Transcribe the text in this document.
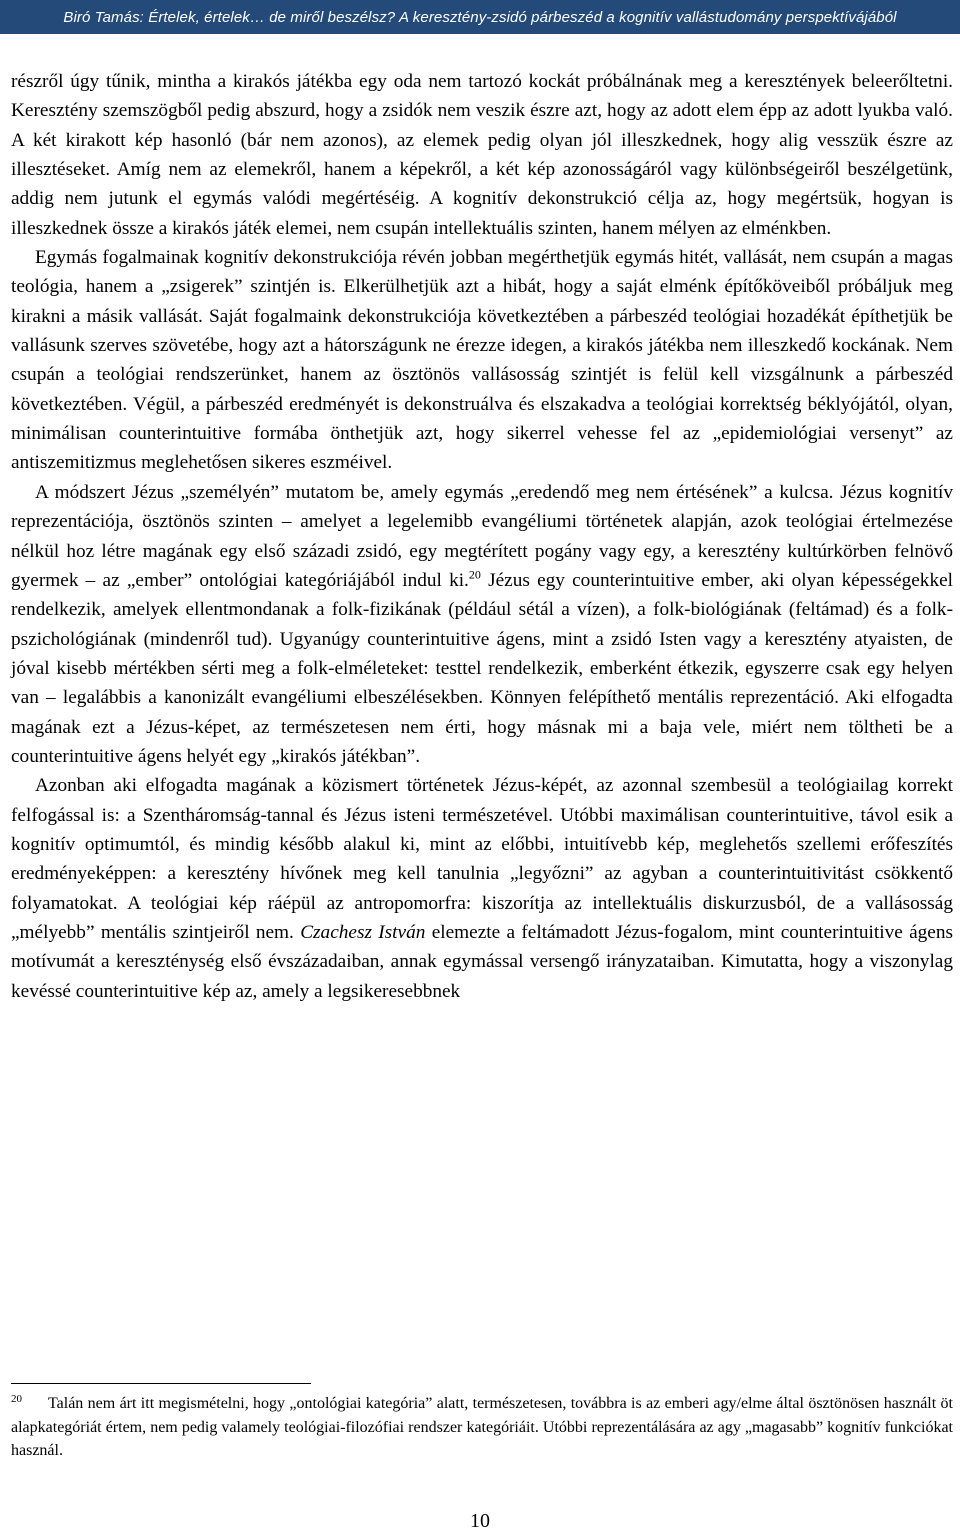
Biró Tamás: Értelek, értelek… de miről beszélsz? A keresztény-zsidó párbeszéd a kognitív vallástudomány perspektívájából

részről úgy tűnik, mintha a kirakós játékba egy oda nem tartozó kockát próbálnának meg a keresztények beleerőltetni. Keresztény szemszögből pedig abszurd, hogy a zsidók nem veszik észre azt, hogy az adott elem épp az adott lyukba való. A két kirakott kép hasonló (bár nem azonos), az elemek pedig olyan jól illeszkednek, hogy alig vesszük észre az illesztéseket. Amíg nem az elemekről, hanem a képekről, a két kép azonosságáról vagy különbségeiről beszélgetünk, addig nem jutunk el egymás valódi megértéséig. A kognitív dekonstrukció célja az, hogy megértsük, hogyan is illeszkednek össze a kirakós játék elemei, nem csupán intellektuális szinten, hanem mélyen az elménkben.

Egymás fogalmainak kognitív dekonstrukciója révén jobban megérthetjük egymás hitét, vallását, nem csupán a magas teológia, hanem a „zsigerek” szintjén is. Elkerülhetjük azt a hibát, hogy a saját elménk építőköveiből próbáljuk meg kirakni a másik vallását. Saját fogalmaink dekonstrukciója következtében a párbeszéd teológiai hozadékát építhetjük be vallásunk szerves szövetébe, hogy azt a hátországunk ne érezze idegen, a kirakós játékba nem illeszkedő kockának. Nem csupán a teológiai rendszerünket, hanem az ösztönös vallásosság szintjét is felül kell vizsgálnunk a párbeszéd következtében. Végül, a párbeszéd eredményét is dekonstruálva és elszakadva a teológiai korrektség béklyójától, olyan, minimálisan counterintuitive formába önthetjük azt, hogy sikerrel vehesse fel az „epidemiológiai versenyt” az antiszemitizmus meglehetősen sikeres eszméivel.

A módszert Jézus „személyén” mutatom be, amely egymás „eredendő meg nem értésének” a kulcsa. Jézus kognitív reprezentációja, ösztönös szinten – amelyet a legelemibb evangéliumi történetek alapján, azok teológiai értelmezése nélkül hoz létre magának egy első századi zsidó, egy megtérített pogány vagy egy, a keresztény kultúrkörben felnövő gyermek – az „ember” ontológiai kategóriájából indul ki.$^{20}$ Jézus egy counterintuitive ember, aki olyan képességekkel rendelkezik, amelyek ellentmondanak a folk-fizikának (például sétál a vízen), a folk-biológiának (feltámad) és a folk-pszichológiának (mindenről tud). Ugyanúgy counterintuitive ágens, mint a zsidó Isten vagy a keresztény atyaisten, de jóval kisebb mértékben sérti meg a folk-elméleteket: testtel rendelkezik, emberként étkezik, egyszerre csak egy helyen van – legalábbis a kanonizált evangéliumi elbeszélésekben. Könnyen felépíthető mentális reprezentáció. Aki elfogadta magának ezt a Jézus-képet, az természetesen nem érti, hogy másnak mi a baja vele, miért nem töltheti be a counterintuitive ágens helyét egy „kirakós játékban”.

Azonban aki elfogadta magának a közismert történetek Jézus-képét, az azonnal szembesül a teológiailag korrekt felfogással is: a Szentháromság-tannal és Jézus isteni természetével. Utóbbi maximálisan counterintuitive, távol esik a kognitív optimumtól, és mindig később alakul ki, mint az előbbi, intuitívebb kép, meglehetős szellemi erőfeszítés eredményeképpen: a keresztény hívőnek meg kell tanulnia „legyőzni” az agyban a counterintuitivitást csökkentő folyamatokat. A teológiai kép ráépül az antropomorfra: kiszorítja az intellektuális diskurzusból, de a vallásosság „mélyebb” mentális szintjeiről nem. Czachesz István elemezte a feltámadott Jézus-fogalom, mint counterintuitive ágens motívumát a kereszténység első évszázadaiban, annak egymással versengő irányzataiban. Kimutatta, hogy a viszonylag kevéssé counterintuitive kép az, amely a legsikeresebbnek

$^{20}$ Talán nem árt itt megismételni, hogy „ontológiai kategória” alatt, természetesen, továbbra is az emberi agy/elme által ösztönösen használt öt alapkategóriát értem, nem pedig valamely teológiai-filozófiai rendszer kategóriáit. Utóbbi reprezentálására az agy „magasabb” kognitív funkciókat használ.
10
